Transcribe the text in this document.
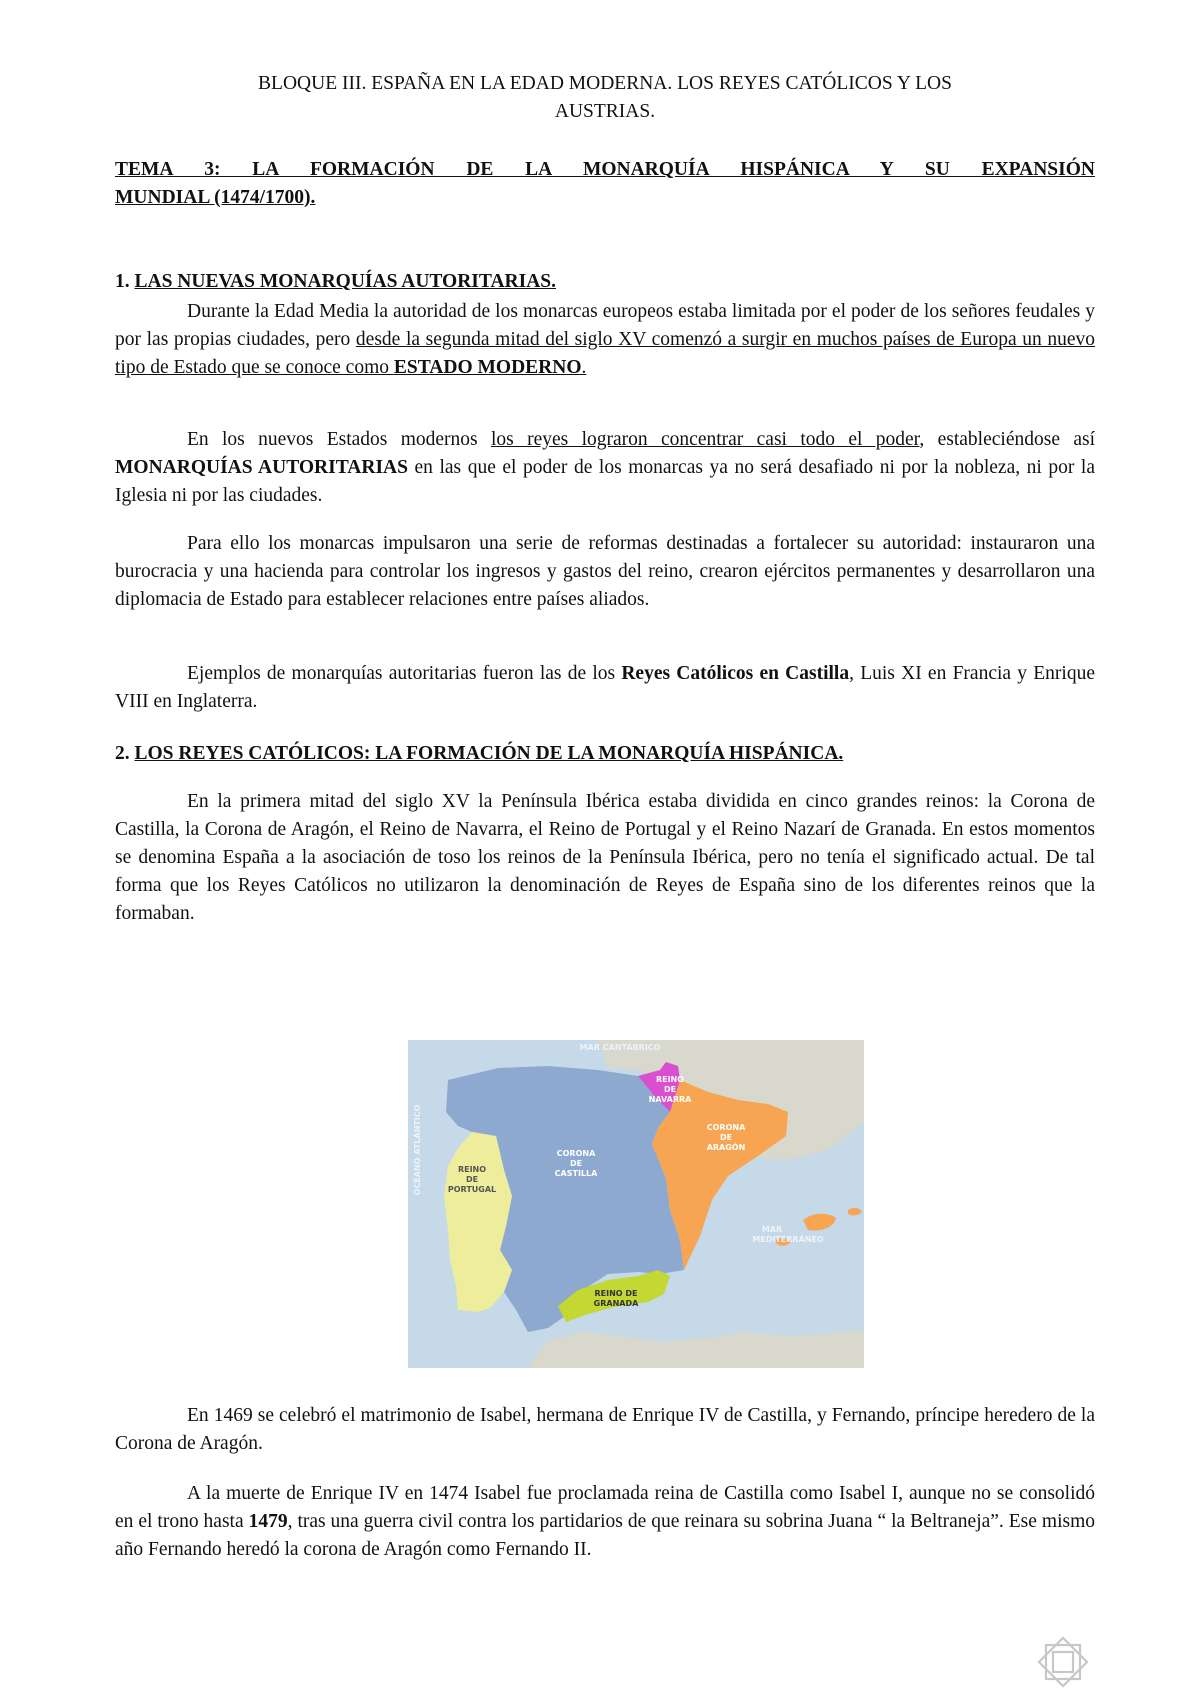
BLOQUE III. ESPAÑA EN LA EDAD MODERNA. LOS REYES CATÓLICOS Y LOS
AUSTRIAS.
TEMA 3: LA FORMACIÓN DE LA MONARQUÍA HISPÁNICA Y SU EXPANSIÓN
MUNDIAL (1474/1700).
1. LAS NUEVAS MONARQUÍAS AUTORITARIAS.
Durante la Edad Media la autoridad de los monarcas europeos estaba limitada por el poder de los señores feudales y por las propias ciudades, pero desde la segunda mitad del siglo XV comenzó a surgir en muchos países de Europa un nuevo tipo de Estado que se conoce como ESTADO MODERNO.
En los nuevos Estados modernos los reyes lograron concentrar casi todo el poder, estableciéndose así MONARQUÍAS AUTORITARIAS en las que el poder de los monarcas ya no será desafiado ni por la nobleza, ni por la Iglesia ni por las ciudades.
Para ello los monarcas impulsaron una serie de reformas destinadas a fortalecer su autoridad: instauraron una burocracia y una hacienda para controlar los ingresos y gastos del reino, crearon ejércitos permanentes y desarrollaron una diplomacia de Estado para establecer relaciones entre países aliados.
Ejemplos de monarquías autoritarias fueron las de los Reyes Católicos en Castilla, Luis XI en Francia y Enrique VIII en Inglaterra.
2. LOS REYES CATÓLICOS: LA FORMACIÓN DE LA MONARQUÍA HISPÁNICA.
En la primera mitad del siglo XV la Península Ibérica estaba dividida en cinco grandes reinos: la Corona de Castilla, la Corona de Aragón, el Reino de Navarra, el Reino de Portugal y el Reino Nazarí de Granada. En estos momentos se denomina España a la asociación de toso los reinos de la Península Ibérica, pero no tenía el significado actual. De tal forma que los Reyes Católicos no utilizaron la denominación de Reyes de España sino de los diferentes reinos que la formaban.
MAR CANTÁBRICO
MAR
MEDITERRÁNEO
OCÉANO ATLÁNTICO
REINO
DE
NAVARRA
CORONA
DE
ARAGÓN
CORONA
DE
CASTILLA
REINO
DE
PORTUGAL
REINO DE
GRANADA
En 1469 se celebró el matrimonio de Isabel, hermana de Enrique IV de Castilla, y Fernando, príncipe heredero de la Corona de Aragón.
A la muerte de Enrique IV en 1474 Isabel fue proclamada reina de Castilla como Isabel I, aunque no se consolidó en el trono hasta 1479, tras una guerra civil contra los partidarios de que reinara su sobrina Juana “ la Beltraneja”. Ese mismo año Fernando heredó la corona de Aragón como Fernando II.
